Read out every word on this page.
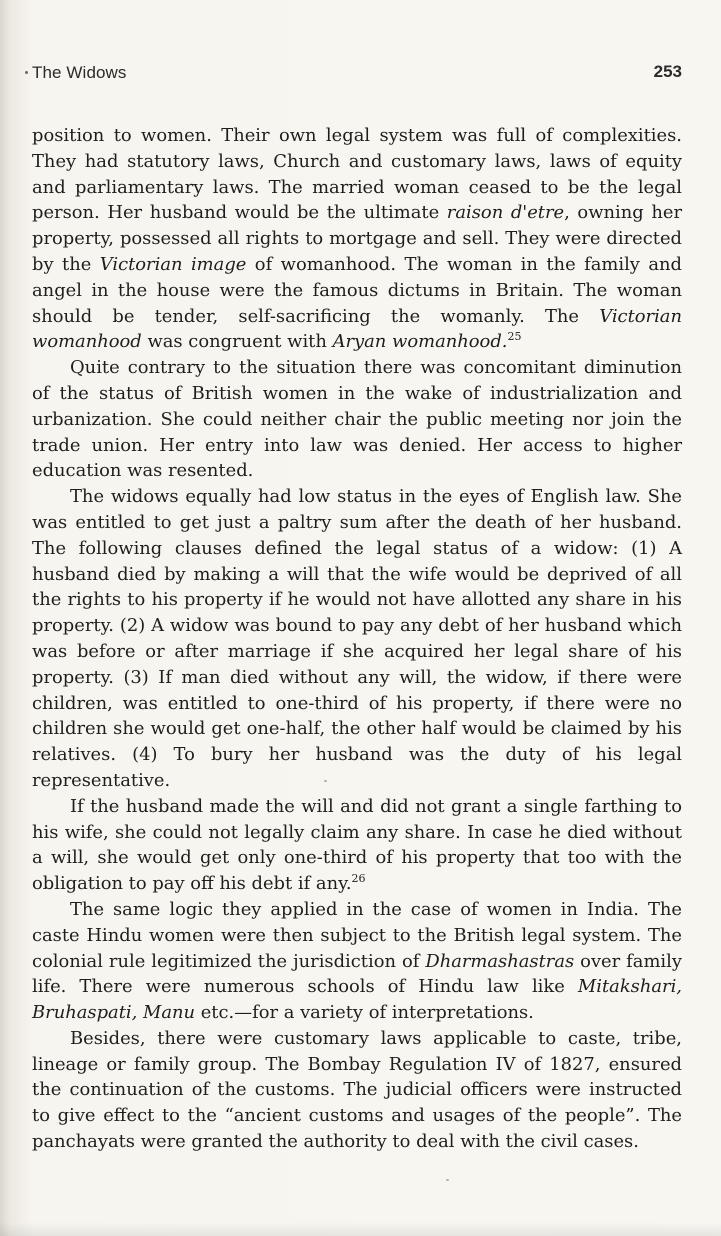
The Widows	253

position to women. Their own legal system was full of complexities. They had statutory laws, Church and customary laws, laws of equity and parliamentary laws. The married woman ceased to be the legal person. Her husband would be the ultimate raison d'etre, owning her property, possessed all rights to mortgage and sell. They were directed by the Victorian image of womanhood. The woman in the family and angel in the house were the famous dictums in Britain. The woman should be tender, self-sacrificing the womanly. The Victorian womanhood was congruent with Aryan womanhood.$^{25}$

Quite contrary to the situation there was concomitant diminution of the status of British women in the wake of industrialization and urbanization. She could neither chair the public meeting nor join the trade union. Her entry into law was denied. Her access to higher education was resented.

The widows equally had low status in the eyes of English law. She was entitled to get just a paltry sum after the death of her husband. The following clauses defined the legal status of a widow: (1) A husband died by making a will that the wife would be deprived of all the rights to his property if he would not have allotted any share in his property. (2) A widow was bound to pay any debt of her husband which was before or after marriage if she acquired her legal share of his property. (3) If man died without any will, the widow, if there were children, was entitled to one-third of his property, if there were no children she would get one-half, the other half would be claimed by his relatives. (4) To bury her husband was the duty of his legal representative.

If the husband made the will and did not grant a single farthing to his wife, she could not legally claim any share. In case he died without a will, she would get only one-third of his property that too with the obligation to pay off his debt if any.$^{26}$

The same logic they applied in the case of women in India. The caste Hindu women were then subject to the British legal system. The colonial rule legitimized the jurisdiction of Dharmashastras over family life. There were numerous schools of Hindu law like Mitakshari, Bruhaspati, Manu etc.—for a variety of interpretations.

Besides, there were customary laws applicable to caste, tribe, lineage or family group. The Bombay Regulation IV of 1827, ensured the continuation of the customs. The judicial officers were instructed to give effect to the “ancient customs and usages of the people”. The panchayats were granted the authority to deal with the civil cases.
